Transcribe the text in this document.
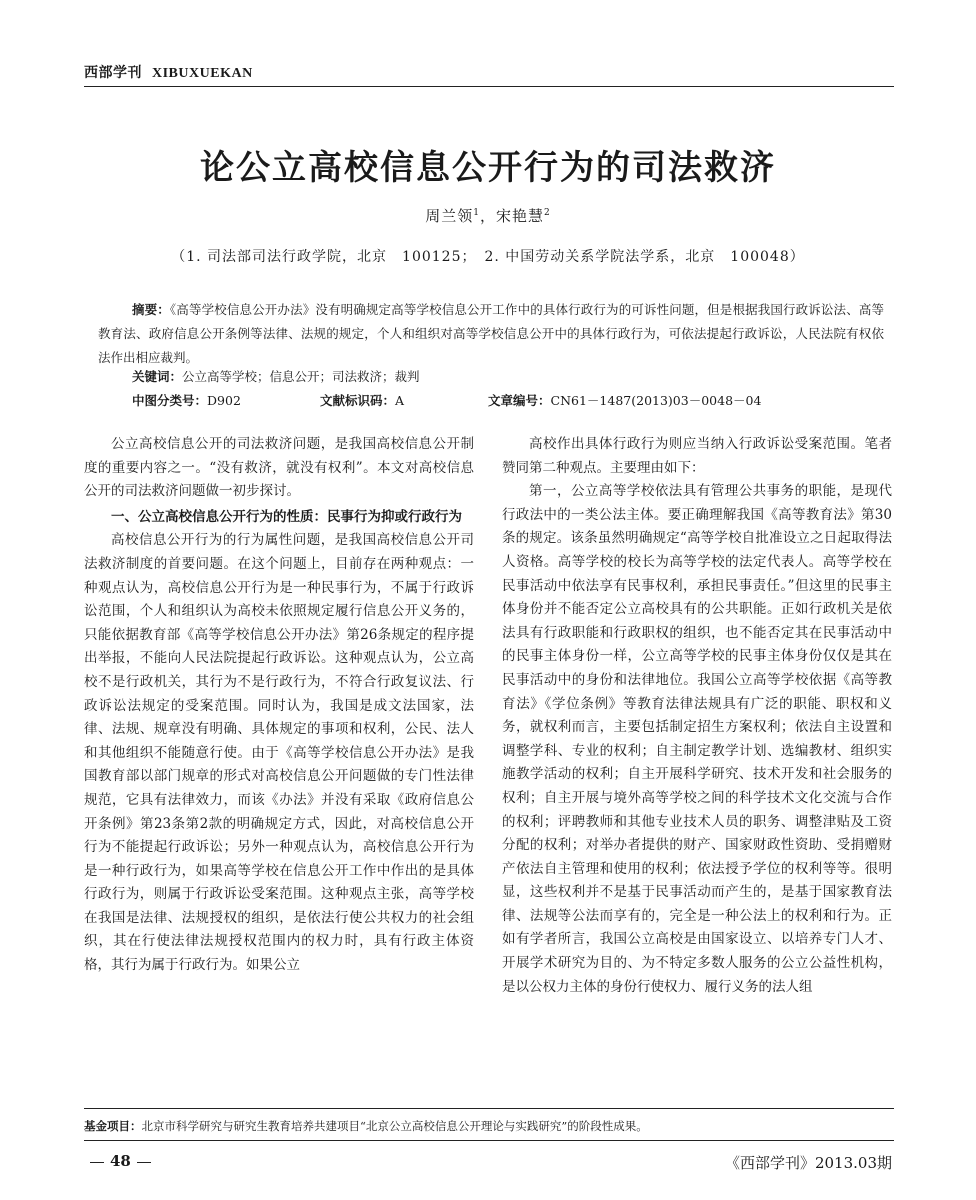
西部学刊 XIBUXUEKAN
论公立高校信息公开行为的司法救济
周兰领$^1$，宋艳慧$^2$
（1. 司法部司法行政学院，北京　100125；　2. 中国劳动关系学院法学系，北京　100048）

摘要：《高等学校信息公开办法》没有明确规定高等学校信息公开工作中的具体行政行为的可诉性问题，但是根据我国行政诉讼法、高等教育法、政府信息公开条例等法律、法规的规定，个人和组织对高等学校信息公开中的具体行政行为，可依法提起行政诉讼，人民法院有权依法作出相应裁判。

关键词：公立高等学校；信息公开；司法救济；裁判
中图分类号：D902	文献标识码：A	文章编号：CN61－1487(2013)03－0048－04

公立高校信息公开的司法救济问题，是我国高校信息公开制度的重要内容之一。“没有救济，就没有权利”。本文对高校信息公开的司法救济问题做一初步探讨。

一、公立高校信息公开行为的性质：民事行为抑或行政行为

高校信息公开行为的行为属性问题，是我国高校信息公开司法救济制度的首要问题。在这个问题上，目前存在两种观点：一种观点认为，高校信息公开行为是一种民事行为，不属于行政诉讼范围，个人和组织认为高校未依照规定履行信息公开义务的，只能依据教育部《高等学校信息公开办法》第26条规定的程序提出举报，不能向人民法院提起行政诉讼。这种观点认为，公立高校不是行政机关，其行为不是行政行为，不符合行政复议法、行政诉讼法规定的受案范围。同时认为，我国是成文法国家，法律、法规、规章没有明确、具体规定的事项和权利，公民、法人和其他组织不能随意行使。由于《高等学校信息公开办法》是我国教育部以部门规章的形式对高校信息公开问题做的专门性法律规范，它具有法律效力，而该《办法》并没有采取《政府信息公开条例》第23条第2款的明确规定方式，因此，对高校信息公开行为不能提起行政诉讼；另外一种观点认为，高校信息公开行为是一种行政行为，如果高等学校在信息公开工作中作出的是具体行政行为，则属于行政诉讼受案范围。这种观点主张，高等学校在我国是法律、法规授权的组织，是依法行使公共权力的社会组织，其在行使法律法规授权范围内的权力时，具有行政主体资格，其行为属于行政行为。如果公立

高校作出具体行政行为则应当纳入行政诉讼受案范围。笔者赞同第二种观点。主要理由如下：

第一，公立高等学校依法具有管理公共事务的职能，是现代行政法中的一类公法主体。要正确理解我国《高等教育法》第30条的规定。该条虽然明确规定“高等学校自批准设立之日起取得法人资格。高等学校的校长为高等学校的法定代表人。高等学校在民事活动中依法享有民事权利，承担民事责任。”但这里的民事主体身份并不能否定公立高校具有的公共职能。正如行政机关是依法具有行政职能和行政职权的组织，也不能否定其在民事活动中的民事主体身份一样，公立高等学校的民事主体身份仅仅是其在民事活动中的身份和法律地位。我国公立高等学校依据《高等教育法》《学位条例》等教育法律法规具有广泛的职能、职权和义务，就权利而言，主要包括制定招生方案权利；依法自主设置和调整学科、专业的权利；自主制定教学计划、选编教材、组织实施教学活动的权利；自主开展科学研究、技术开发和社会服务的权利；自主开展与境外高等学校之间的科学技术文化交流与合作的权利；评聘教师和其他专业技术人员的职务、调整津贴及工资分配的权利；对举办者提供的财产、国家财政性资助、受捐赠财产依法自主管理和使用的权利；依法授予学位的权利等等。很明显，这些权利并不是基于民事活动而产生的，是基于国家教育法律、法规等公法而享有的，完全是一种公法上的权利和行为。正如有学者所言，我国公立高校是由国家设立、以培养专门人才、开展学术研究为目的、为不特定多数人服务的公立公益性机构，是以公权力主体的身份行使权力、履行义务的法人组

基金项目：北京市科学研究与研究生教育培养共建项目“北京公立高校信息公开理论与实践研究”的阶段性成果。
48	《西部学刊》2013.03期
